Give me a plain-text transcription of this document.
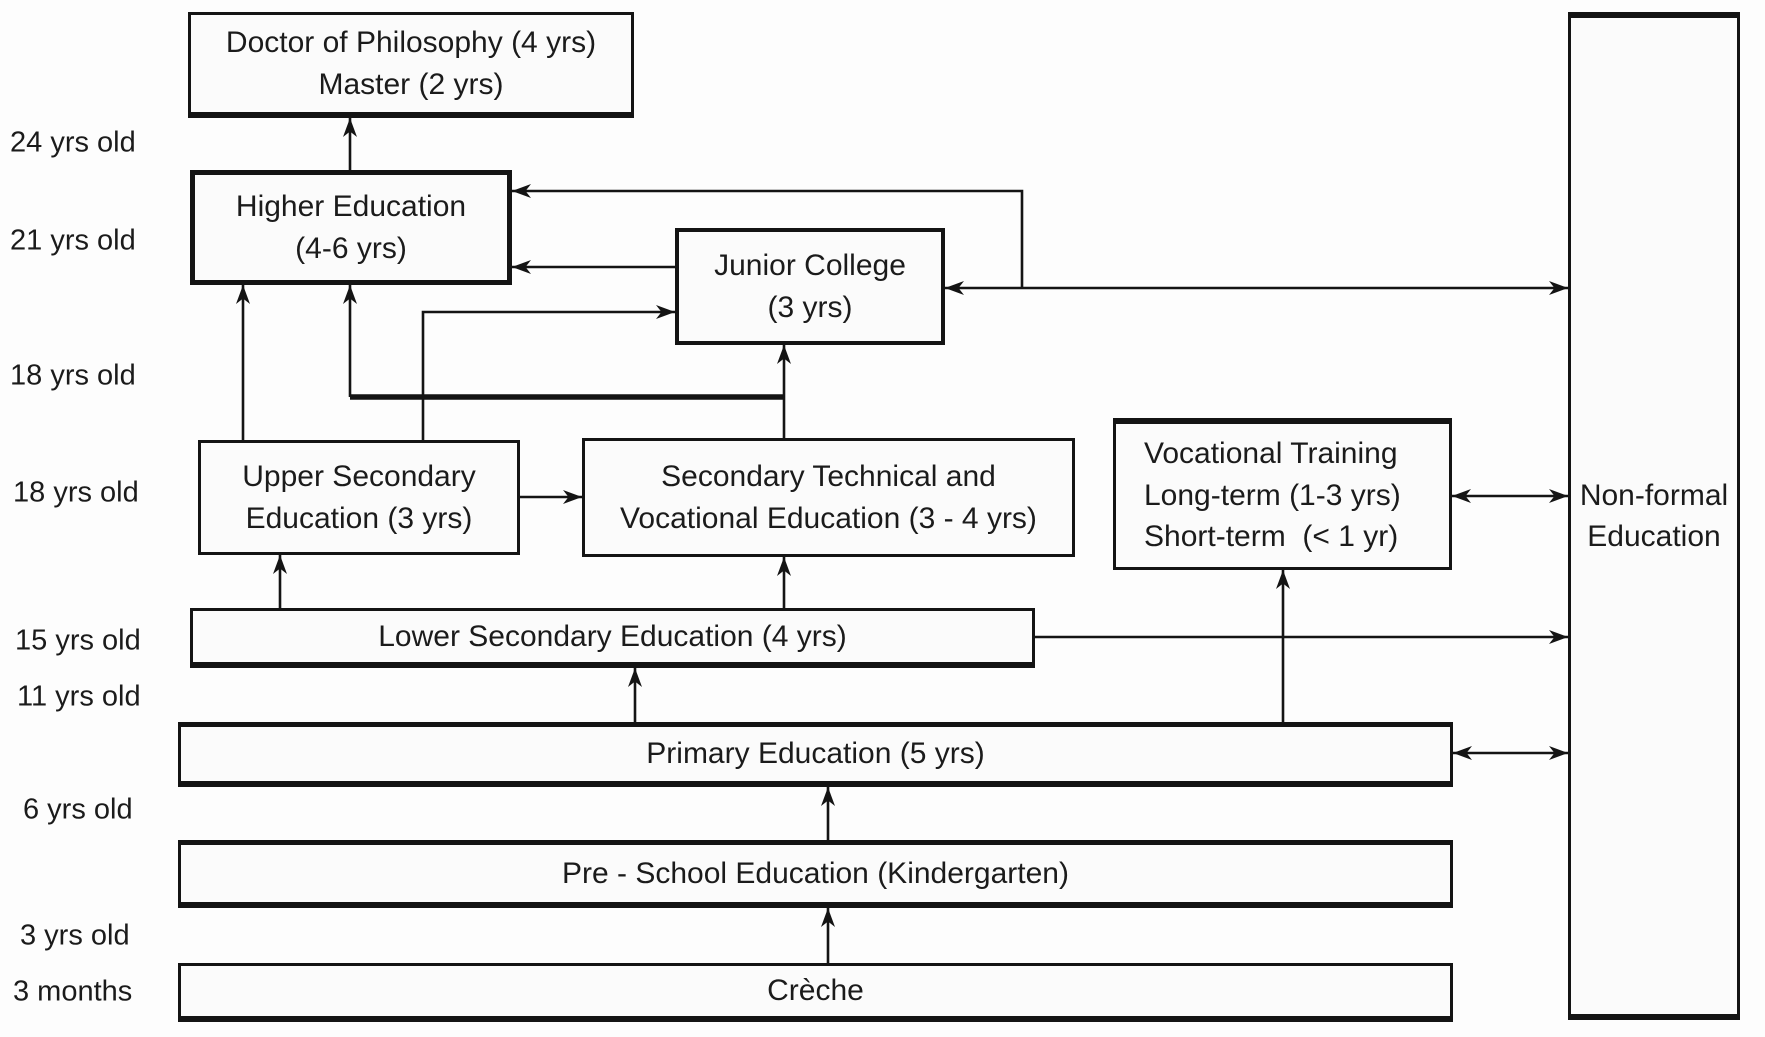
Doctor of Philosophy (4 yrs)
Master (2 yrs)
Higher Education
(4-6 yrs)
Junior College
(3 yrs)
Upper Secondary
Education (3 yrs)
Secondary Technical and
Vocational Education (3 - 4 yrs)
Vocational Training
Long-term (1-3 yrs)
Short-term  (< 1 yr)
Lower Secondary Education (4 yrs)
Primary Education (5 yrs)
Pre - School Education (Kindergarten)
Crèche
Non-formal
Education
24 yrs old
21 yrs old
18 yrs old
18 yrs old
15 yrs old
11 yrs old
6 yrs old
3 yrs old
3 months
